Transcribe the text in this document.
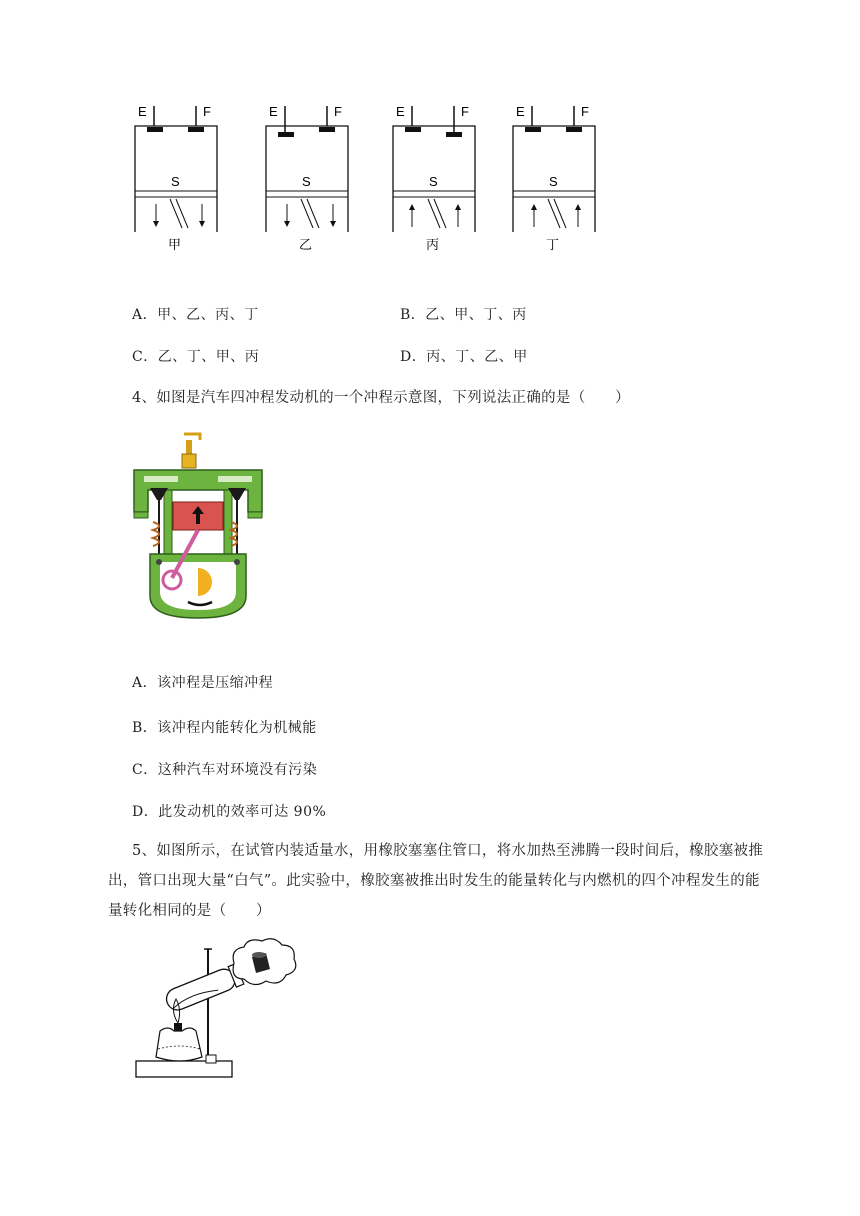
E	F
S
甲
E	F
S
乙
E	F
S
丙
E	F
S
丁
A．甲、乙、丙、丁	B．乙、甲、丁、丙
C．乙、丁、甲、丙	D．丙、丁、乙、甲
4、如图是汽车四冲程发动机的一个冲程示意图，下列说法正确的是（　　）
A．该冲程是压缩冲程
B．该冲程内能转化为机械能
C．这种汽车对环境没有污染
D．此发动机的效率可达 90%
5、如图所示，在试管内装适量水，用橡胶塞塞住管口，将水加热至沸腾一段时间后，橡胶塞被推
出，管口出现大量“白气”。此实验中，橡胶塞被推出时发生的能量转化与内燃机的四个冲程发生的能
量转化相同的是（　　）
